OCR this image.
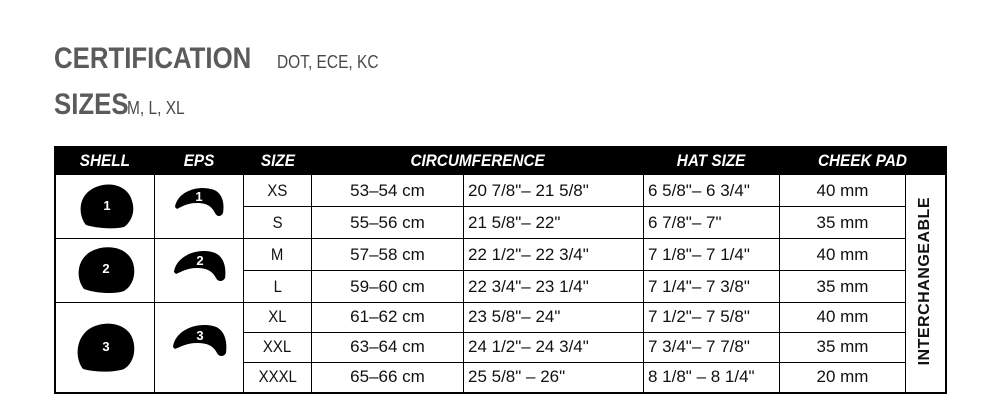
CERTIFICATION DOT, ECE, KC
SIZES
M, L, XL
SHELL	EPS	SIZE	CIRCUMFERENCE		HAT SIZE	CHEEK PAD	

1	1	XS	53–54 cm	20 7/8"– 21 5/8"	6 5/8"– 6 3/4"	40 mm	INTERCHANGEABLE
		S	55–56 cm	21 5/8"– 22"	6 7/8"– 7"	35 mm	

2	2	M	57–58 cm	22 1/2"– 22 3/4"	7 1/8"– 7 1/4"	40 mm	
		L	59–60 cm	22 3/4"– 23 1/4"	7 1/4"– 7 3/8"	35 mm	

3	3	XL	61–62 cm	23 5/8"– 24"	7 1/2"– 7 5/8"	40 mm	
		XXL	63–64 cm	24 1/2"– 24 3/4"	7 3/4"– 7 7/8"	35 mm	
		XXXL	65–66 cm	25 5/8" – 26"	8 1/8" – 8 1/4"	20 mm	
